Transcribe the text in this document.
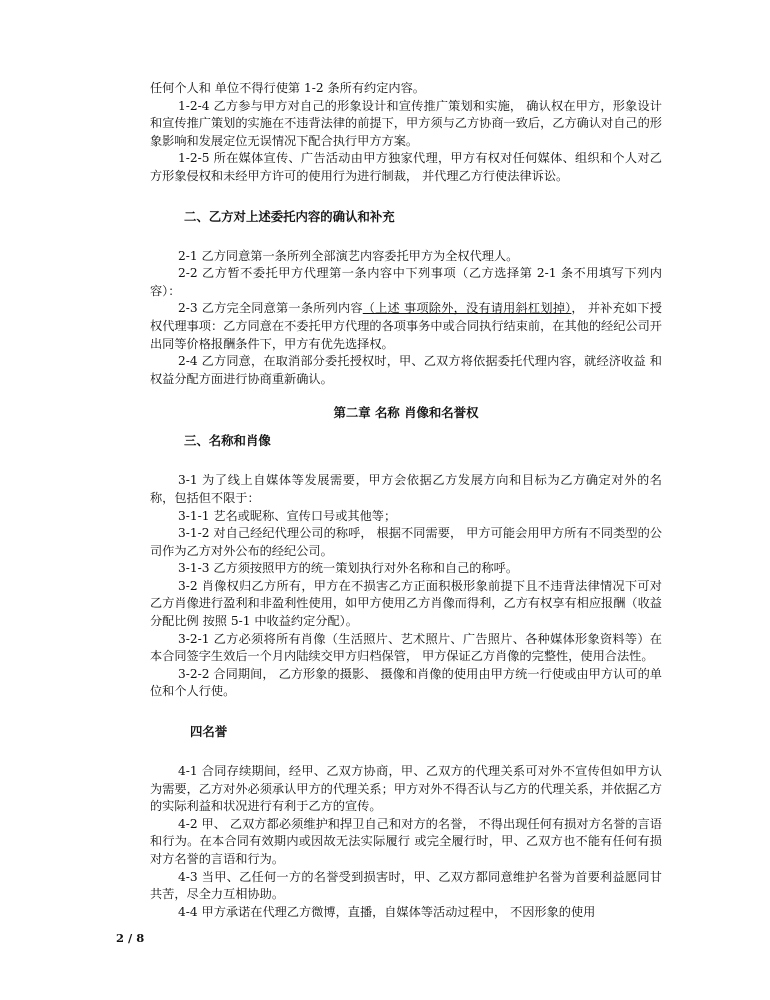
任何个人和 单位不得行使第 1-2 条所有约定内容。

1-2-4 乙方参与甲方对自己的形象设计和宣传推广策划和实施， 确认权在甲方，形象设计和宣传推广策划的实施在不违背法律的前提下，甲方须与乙方协商一致后，乙方确认对自己的形象影响和发展定位无误情况下配合执行甲方方案。

1-2-5 所在媒体宣传、广告活动由甲方独家代理，甲方有权对任何媒体、组织和个人对乙 方形象侵权和未经甲方许可的使用行为进行制裁， 并代理乙方行使法律诉讼。

二、乙方对上述委托内容的确认和补充

2-1 乙方同意第一条所列全部演艺内容委托甲方为全权代理人。

2-2 乙方暂不委托甲方代理第一条内容中下列事项（乙方选择第 2-1 条不用填写下列内容）：

2-3 乙方完全同意第一条所列内容（上述 事项除外，没有请用斜杠划掉）， 并补充如下授权代理事项：乙方同意在不委托甲方代理的各项事务中或合同执行结束前，在其他的经纪公司开出同等价格报酬条件下，甲方有优先选择权。

2-4 乙方同意，在取消部分委托授权时，甲、乙双方将依据委托代理内容，就经济收益 和权益分配方面进行协商重新确认。

第二章 名称 肖像和名誉权

三、名称和肖像

3-1 为了线上自媒体等发展需要，甲方会依据乙方发展方向和目标为乙方确定对外的名称，包括但不限于：

3-1-1 艺名或昵称、宣传口号或其他等；

3-1-2 对自己经纪代理公司的称呼， 根据不同需要， 甲方可能会用甲方所有不同类型的公 司作为乙方对外公布的经纪公司。

3-1-3 乙方须按照甲方的统一策划执行对外名称和自己的称呼。

3-2 肖像权归乙方所有，甲方在不损害乙方正面积极形象前提下且不违背法律情况下可对乙方肖像进行盈利和非盈利性使用，如甲方使用乙方肖像而得利，乙方有权享有相应报酬（收益分配比例 按照 5-1 中收益约定分配）。

3-2-1 乙方必须将所有肖像（生活照片、艺术照片、广告照片、各种媒体形象资料等）在 本合同签字生效后一个月内陆续交甲方归档保管， 甲方保证乙方肖像的完整性，使用合法性。

3-2-2 合同期间， 乙方形象的摄影、 摄像和肖像的使用由甲方统一行使或由甲方认可的单位和个人行使。

四名誉

4-1 合同存续期间，经甲、乙双方协商，甲、乙双方的代理关系可对外不宣传但如甲方认为需要，乙方对外必须承认甲方的代理关系；甲方对外不得否认与乙方的代理关系，并依据乙方的实际利益和状况进行有利于乙方的宣传。

4-2 甲、 乙双方都必须维护和捍卫自己和对方的名誉， 不得出现任何有损对方名誉的言语 和行为。在本合同有效期内或因故无法实际履行 或完全履行时，甲、乙双方也不能有任何有损对方名誉的言语和行为。

4-3 当甲、乙任何一方的名誉受到损害时，甲、乙双方都同意维护名誉为首要利益愿同甘共苦，尽全力互相协助。

4-4 甲方承诺在代理乙方微博，直播，自媒体等活动过程中， 不因形象的使用

2 / 8
